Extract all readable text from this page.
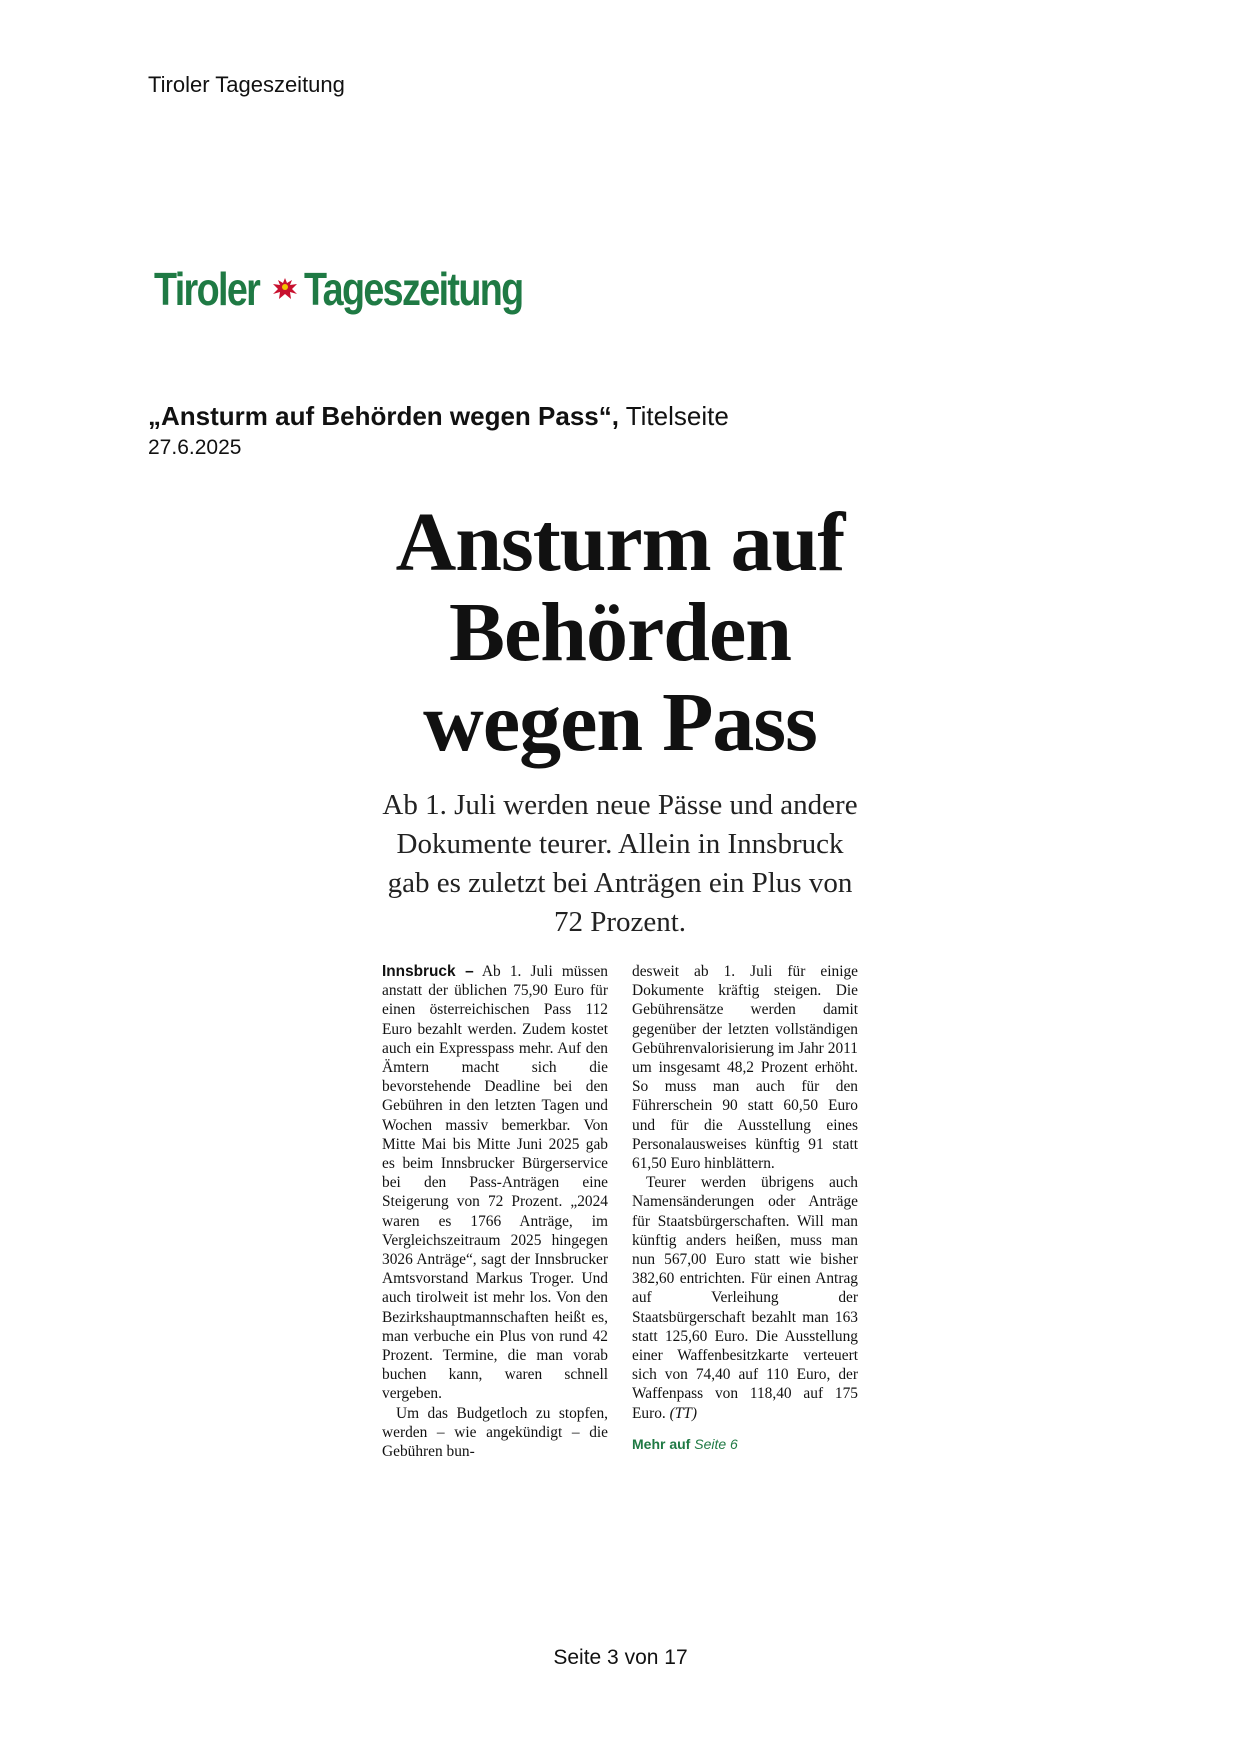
Tiroler Tageszeitung
Tiroler Tageszeitung
„Ansturm auf Behörden wegen Pass“, Titelseite
27.6.2025
Ansturm auf Behörden wegen Pass

Ab 1. Juli werden neue Pässe und andere Dokumente teurer. Allein in Innsbruck gab es zuletzt bei Anträgen ein Plus von 72 Prozent.

Innsbruck – Ab 1. Juli müssen anstatt der üblichen 75,90 Euro für einen österreichischen Pass 112 Euro bezahlt werden. Zudem kostet auch ein Expresspass mehr. Auf den Ämtern macht sich die bevorstehende Deadline bei den Gebühren in den letzten Tagen und Wochen massiv bemerkbar. Von Mitte Mai bis Mitte Juni 2025 gab es beim Innsbrucker Bürgerservice bei den Pass-Anträgen eine Steigerung von 72 Prozent. „2024 waren es 1766 Anträge, im Vergleichszeitraum 2025 hingegen 3026 Anträge“, sagt der Innsbrucker Amtsvorstand Markus Troger. Und auch tirolweit ist mehr los. Von den Bezirkshauptmannschaften heißt es, man verbuche ein Plus von rund 42 Prozent. Termine, die man vorab buchen kann, waren schnell vergeben.

Um das Budgetloch zu stopfen, werden – wie angekündigt – die Gebühren bun-

desweit ab 1. Juli für einige Dokumente kräftig steigen. Die Gebührensätze werden damit gegenüber der letzten vollständigen Gebührenvalorisierung im Jahr 2011 um insgesamt 48,2 Prozent erhöht. So muss man auch für den Führerschein 90 statt 60,50 Euro und für die Ausstellung eines Personalausweises künftig 91 statt 61,50 Euro hinblättern.

Teurer werden übrigens auch Namensänderungen oder Anträge für Staatsbürgerschaften. Will man künftig anders heißen, muss man nun 567,00 Euro statt wie bisher 382,60 entrichten. Für einen Antrag auf Verleihung der Staatsbürgerschaft bezahlt man 163 statt 125,60 Euro. Die Ausstellung einer Waffenbesitzkarte verteuert sich von 74,40 auf 110 Euro, der Waffenpass von 118,40 auf 175 Euro. (TT)

Mehr auf Seite 6
Seite 3 von 17
